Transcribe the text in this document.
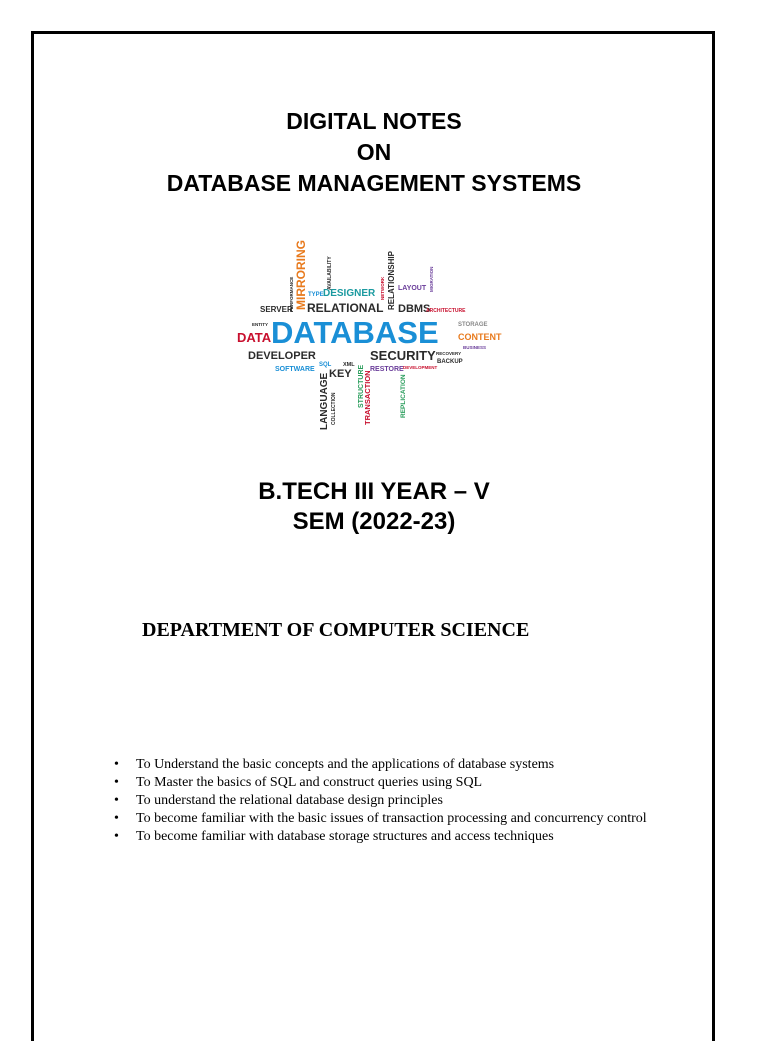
DIGITAL NOTES
ON
DATABASE MANAGEMENT SYSTEMS
MIRRORING
PERFORMANCE
AVAILABILITY	RELATIONSHIP
NETWORK	MIGRATION
LANGUAGE COLLECTION
STRUCTURE
TRANSACTION	REPLICATION
TYPE DESIGNER	LAYOUT
SERVER RELATIONAL DBMS
ARCHITECTURE
ENTITY	STORAGE
DATA DATABASE CONTENT
BUSINESS
DEVELOPER	SECURITY RECOVERY
BACKUP
SOFTWARE
SQL XML
KEY	RESTORE DEVELOPMENT
B.TECH III YEAR – V
SEM (2022-23)
DEPARTMENT OF COMPUTER SCIENCE
• To Understand the basic concepts and the applications of database systems
• To Master the basics of SQL and construct queries using SQL
• To understand the relational database design principles
• To become familiar with the basic issues of transaction processing and concurrency control
• To become familiar with database storage structures and access techniques
